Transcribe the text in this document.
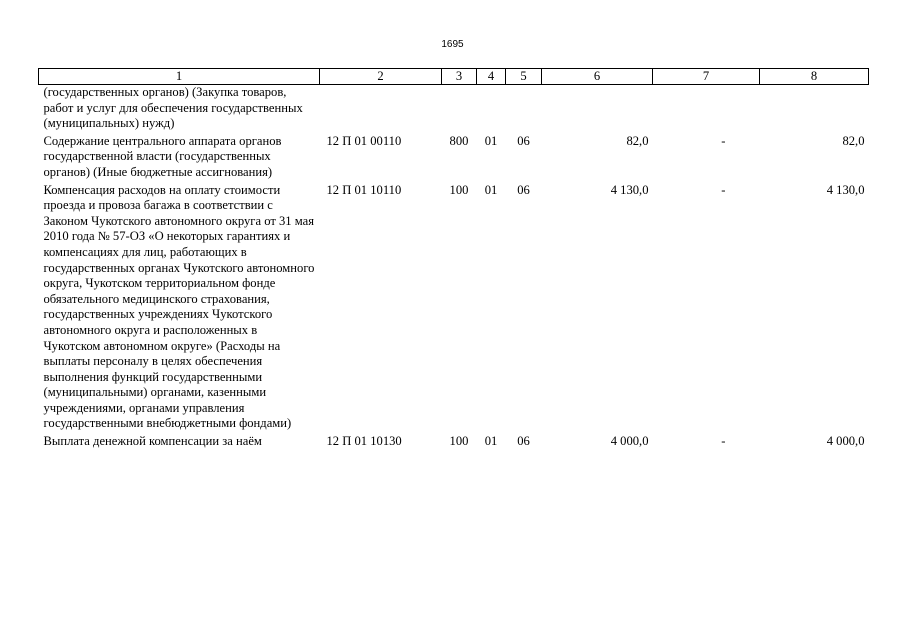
1695
1	2	3	4	5	6	7	8
(государственных органов) (Закупка товаров, работ и услуг для обеспечения государственных (муниципальных) нужд)							
Содержание центрального аппарата органов государственной власти (государственных органов) (Иные бюджетные ассигнования)	12 П 01 00110	800	01	06	82,0	-	82,0
Компенсация расходов на оплату стоимости проезда и провоза багажа в соответствии с Законом Чукотского автономного округа от 31 мая 2010 года № 57-ОЗ «О некоторых гарантиях и компенсациях для лиц, работающих в государственных органах Чукотского автономного округа, Чукотском территориальном фонде обязательного медицинского страхования, государственных учреждениях Чукотского автономного округа и расположенных в Чукотском автономном округе» (Расходы на выплаты персоналу в целях обеспечения выполнения функций государственными (муниципальными) органами, казенными учреждениями, органами управления государственными внебюджетными фондами)	12 П 01 10110	100	01	06	4 130,0	-	4 130,0
Выплата денежной компенсации за наём	12 П 01 10130	100	01	06	4 000,0	-	4 000,0
